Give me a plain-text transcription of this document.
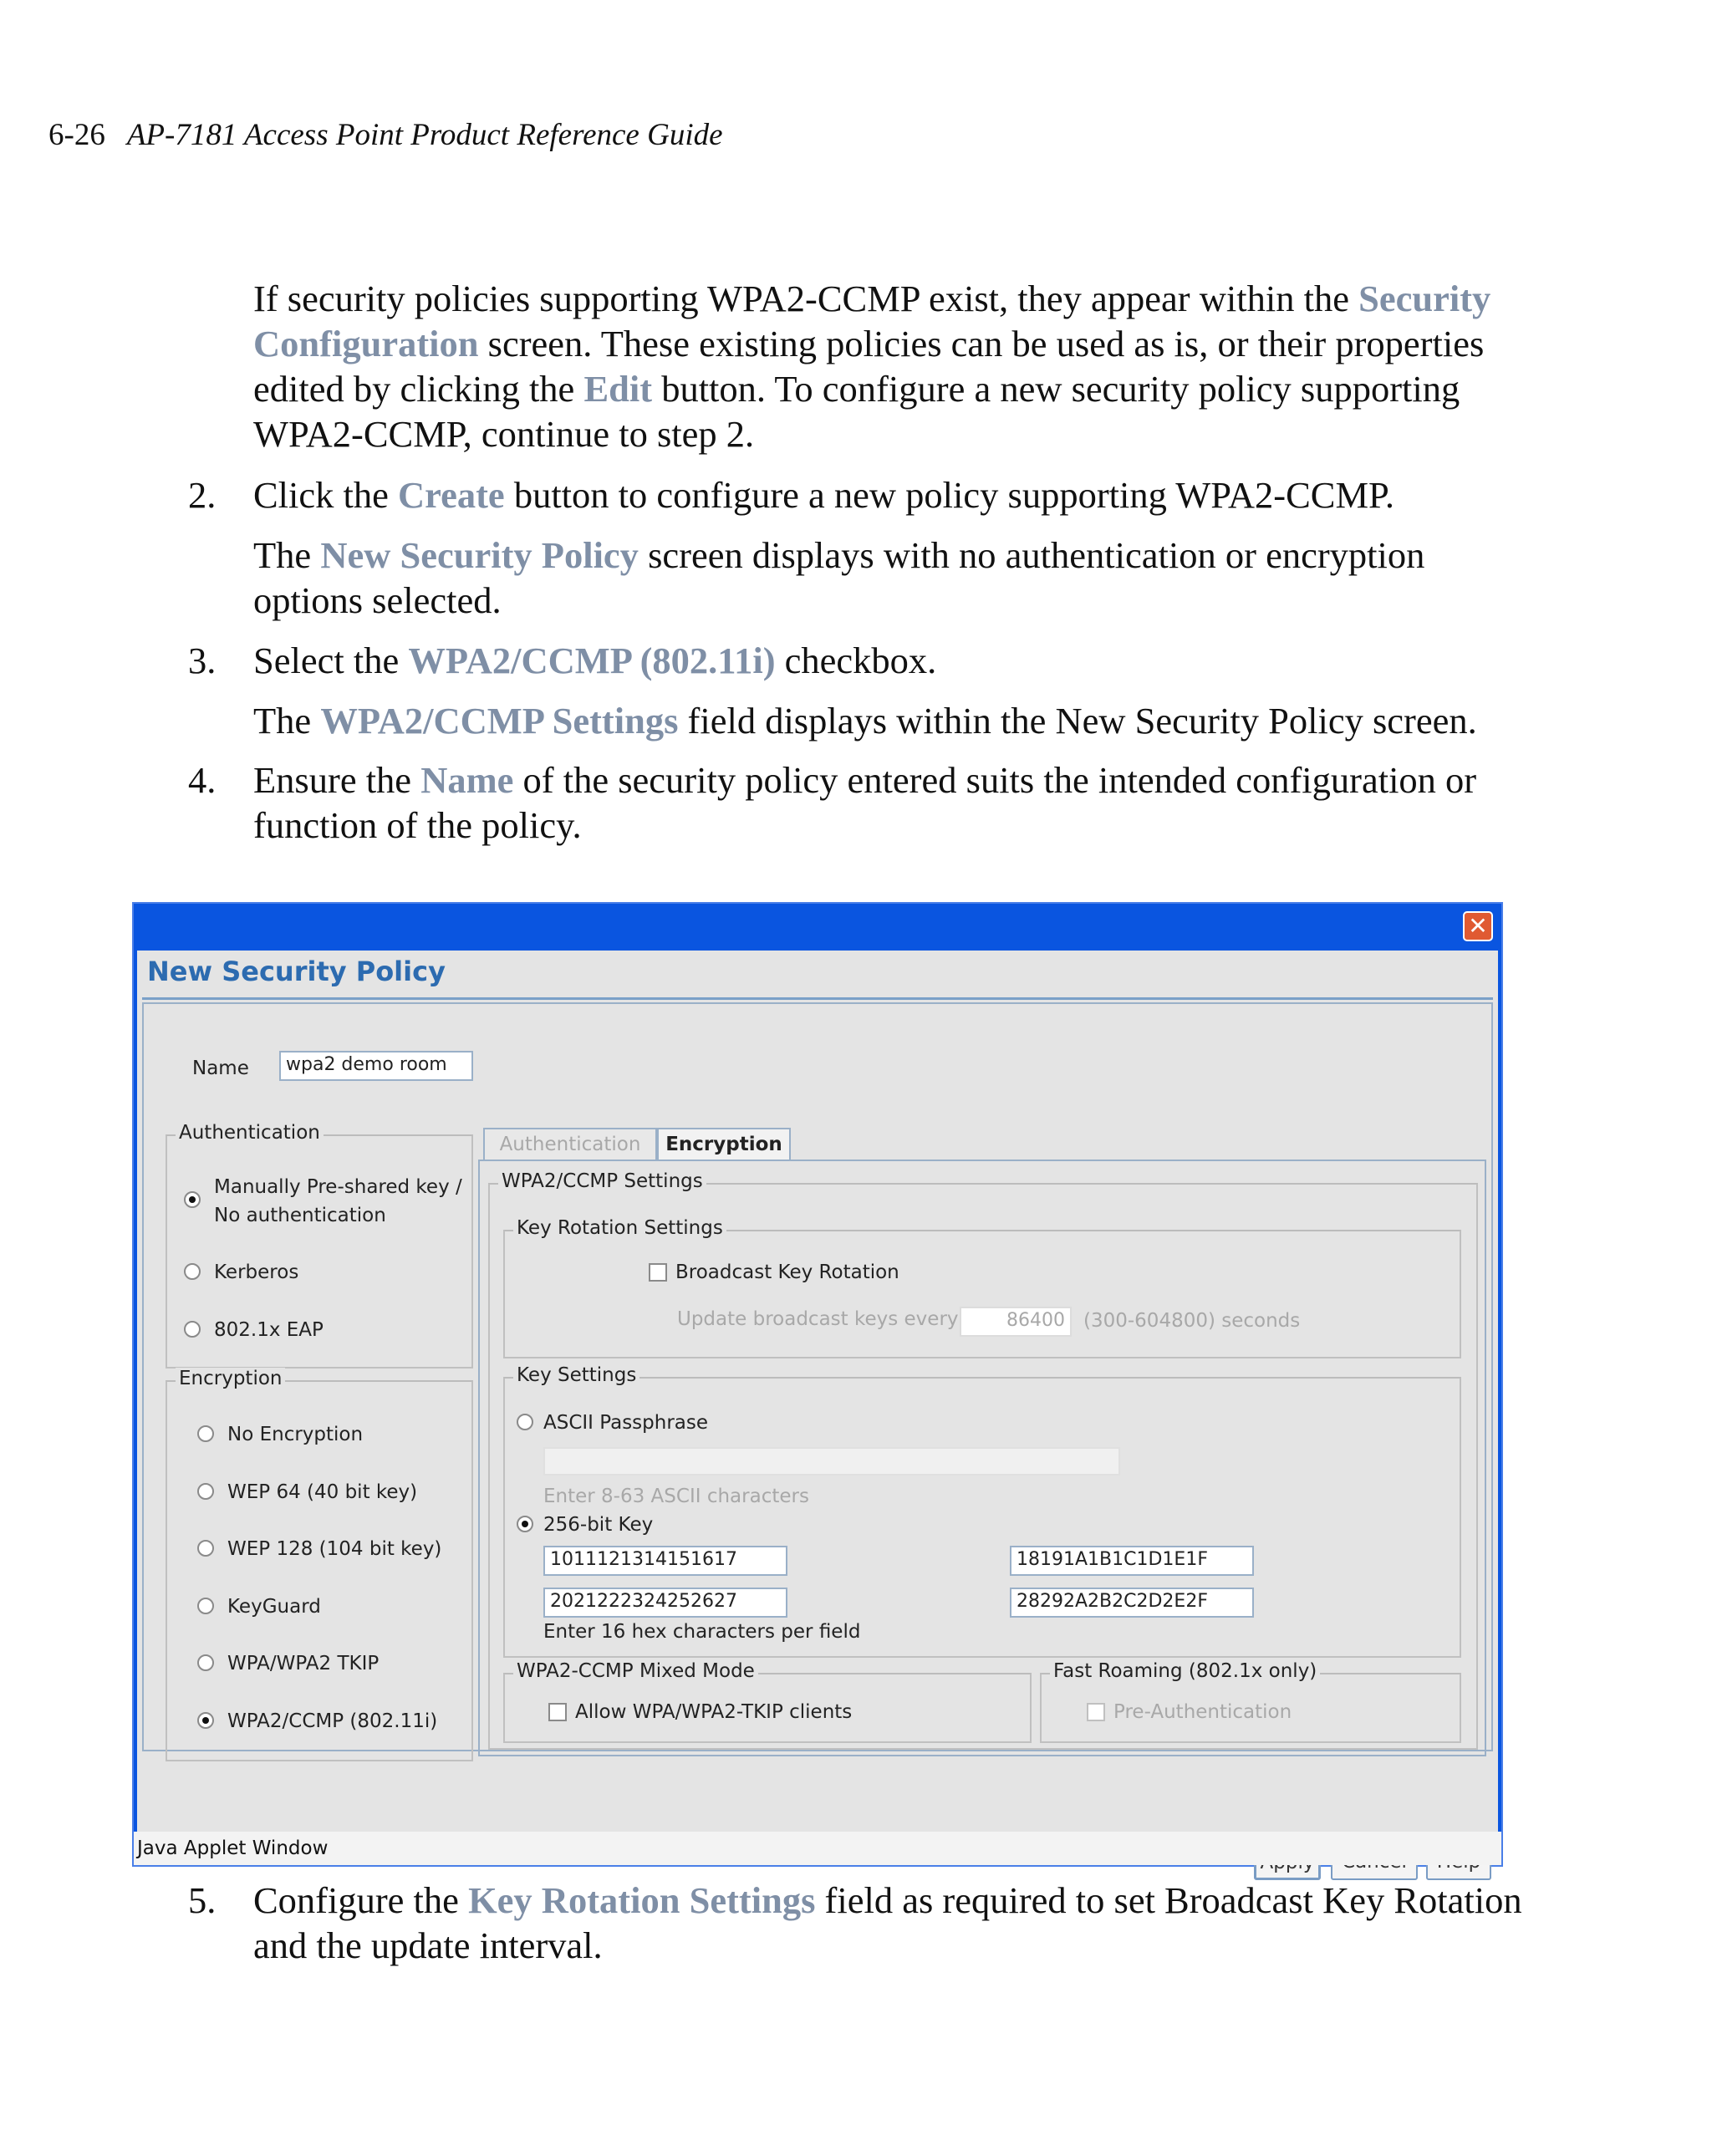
6-26 AP-7181 Access Point Product Reference Guide
If security policies supporting WPA2-CCMP exist, they appear within the Security Configuration screen. These existing policies can be used as is, or their properties edited by clicking the Edit button. To configure a new security policy supporting WPA2-CCMP, continue to step 2.
2. Click the Create button to configure a new policy supporting WPA2-CCMP.
The New Security Policy screen displays with no authentication or encryption options selected.
3. Select the WPA2/CCMP (802.11i) checkbox.
The WPA2/CCMP Settings field displays within the New Security Policy screen.
4. Ensure the Name of the security policy entered suits the intended configuration or function of the policy.
✕
New Security Policy
Name	wpa2 demo room
Authentication
Manually Pre-shared key /
No authentication
Kerberos
802.1x EAP
Encryption
No Encryption
WEP 64 (40 bit key)
WEP 128 (104 bit key)
KeyGuard
WPA/WPA2 TKIP
WPA2/CCMP (802.11i)
Authentication	Encryption
WPA2/CCMP Settings
Key Rotation Settings
Broadcast Key Rotation
Update broadcast keys every	86400 (300-604800) seconds
Key Settings
ASCII Passphrase
Enter 8-63 ASCII characters
256-bit Key
1011121314151617	18191A1B1C1D1E1F
2021222324252627	28292A2B2C2D2E2F
Enter 16 hex characters per field
WPA2-CCMP Mixed Mode
Allow WPA/WPA2-TKIP clients
Fast Roaming (802.1x only)
Pre-Authentication
Java Applet Window
5. Configure the Key Rotation Settings field as required to set Broadcast Key Rotation and the update interval.
